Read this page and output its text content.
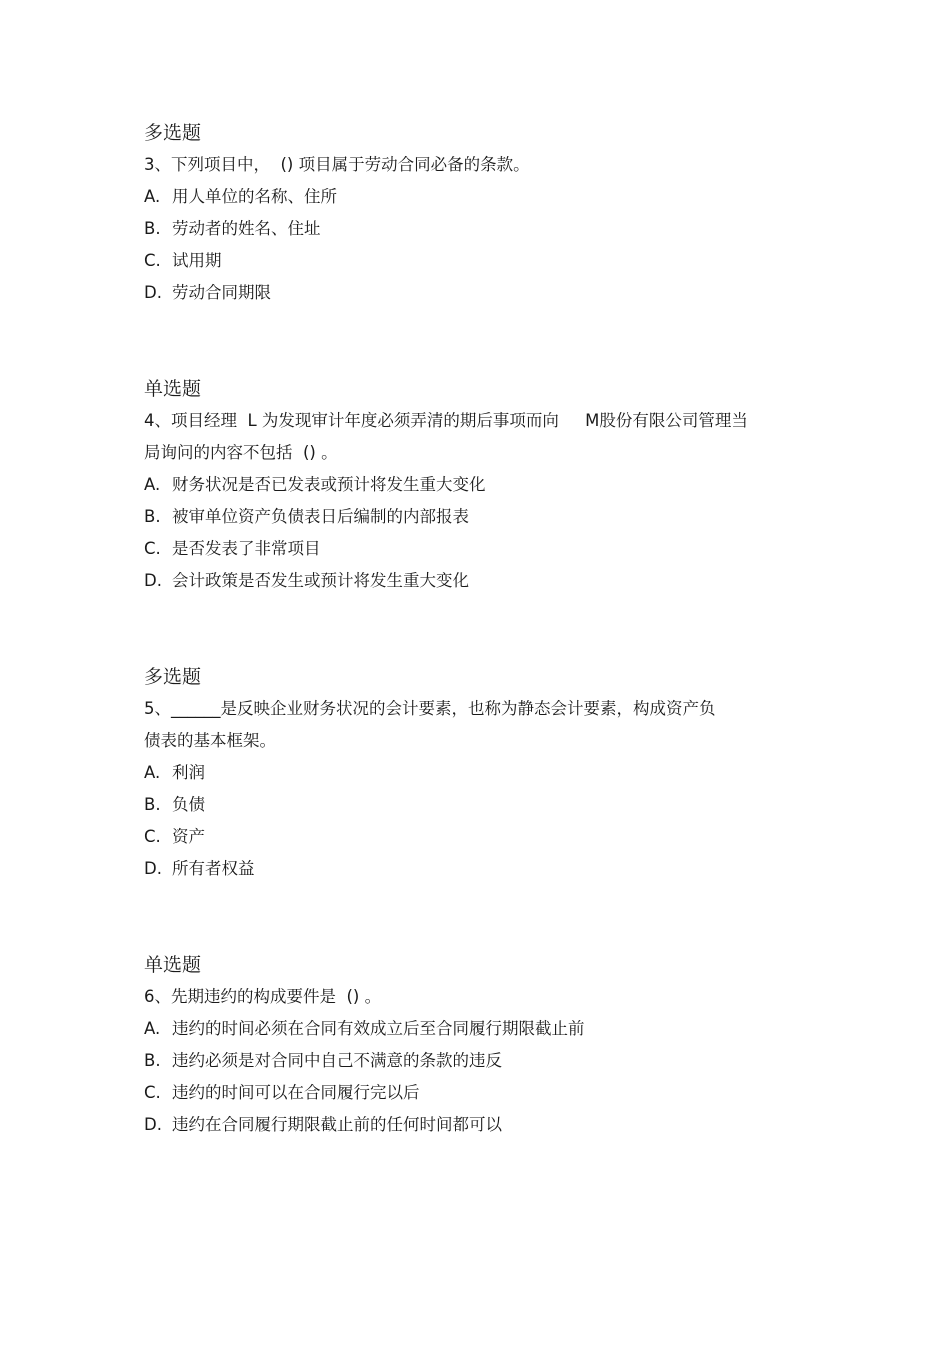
多选题
3、下列项目中，  () 项目属于劳动合同必备的条款。
A. 用人单位的名称、住所
B. 劳动者的姓名、住址
C. 试用期
D. 劳动合同期限
单选题
4、项目经理  L 为发现审计年度必须弄清的期后事项而向     M股份有限公司管理当
局询问的内容不包括  () 。
A. 财务状况是否已发表或预计将发生重大变化
B. 被审单位资产负债表日后编制的内部报表
C. 是否发表了非常项目
D. 会计政策是否发生或预计将发生重大变化
多选题
5、______是反映企业财务状况的会计要素，也称为静态会计要素，构成资产负
债表的基本框架。
A. 利润
B. 负债
C. 资产
D. 所有者权益
单选题
6、先期违约的构成要件是  () 。
A. 违约的时间必须在合同有效成立后至合同履行期限截止前
B. 违约必须是对合同中自己不满意的条款的违反
C. 违约的时间可以在合同履行完以后
D. 违约在合同履行期限截止前的任何时间都可以
